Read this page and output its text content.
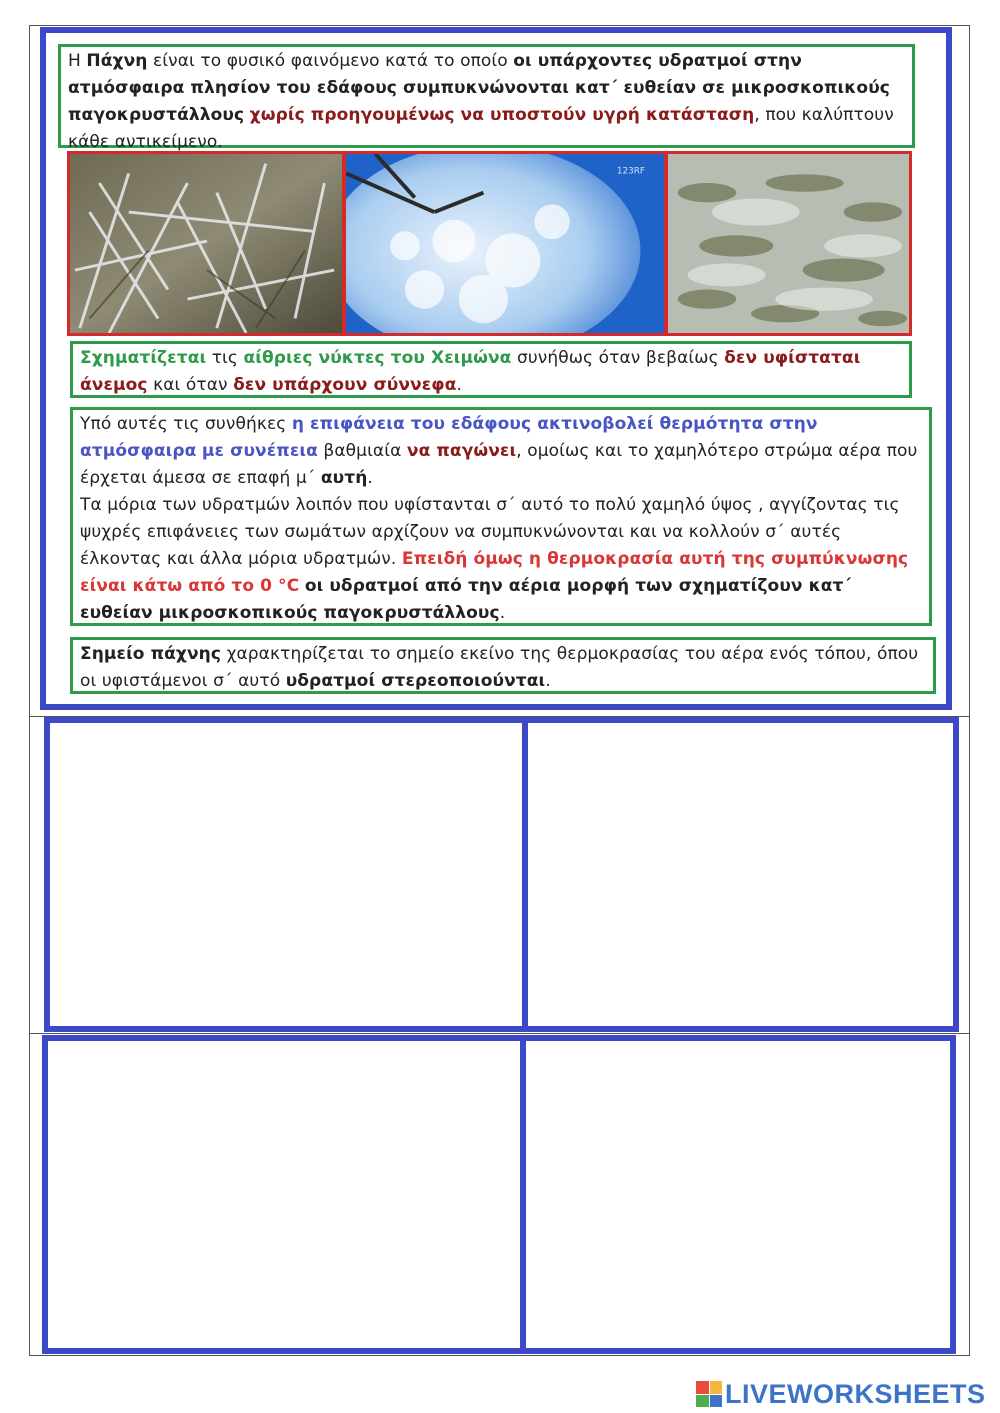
Η Πάχνη είναι το φυσικό φαινόμενο κατά το οποίο οι υπάρχοντες υδρατμοί στην ατμόσφαιρα πλησίον του εδάφους συμπυκνώνονται κατ΄ ευθείαν σε μικροσκοπικούς παγοκρυστάλλους χωρίς προηγουμένως να υποστούν υγρή κατάσταση, που καλύπτουν κάθε αντικείμενο.
123RF
Σχηματίζεται τις αίθριες νύκτες του Χειμώνα συνήθως όταν βεβαίως δεν υφίσταται άνεμος και όταν δεν υπάρχουν σύννεφα.
Υπό αυτές τις συνθήκες η επιφάνεια του εδάφους ακτινοβολεί θερμότητα στην ατμόσφαιρα με συνέπεια βαθμιαία να παγώνει, ομοίως και το χαμηλότερο στρώμα αέρα που έρχεται άμεσα σε επαφή μ΄ αυτή.
Τα μόρια των υδρατμών λοιπόν που υφίστανται σ΄ αυτό το πολύ χαμηλό ύψος , αγγίζοντας τις ψυχρές επιφάνειες των σωμάτων αρχίζουν να συμπυκνώνονται και να κολλούν σ΄ αυτές έλκοντας και άλλα μόρια υδρατμών. Επειδή όμως η θερμοκρασία αυτή της συμπύκνωσης είναι κάτω από το 0 °C οι υδρατμοί από την αέρια μορφή των σχηματίζουν κατ΄ ευθείαν μικροσκοπικούς παγοκρυστάλλους.
Σημείο πάχνης χαρακτηρίζεται το σημείο εκείνο της θερμοκρασίας του αέρα ενός τόπου, όπου οι υφιστάμενοι σ΄ αυτό υδρατμοί στερεοποιούνται.
LIVEWORKSHEETS
